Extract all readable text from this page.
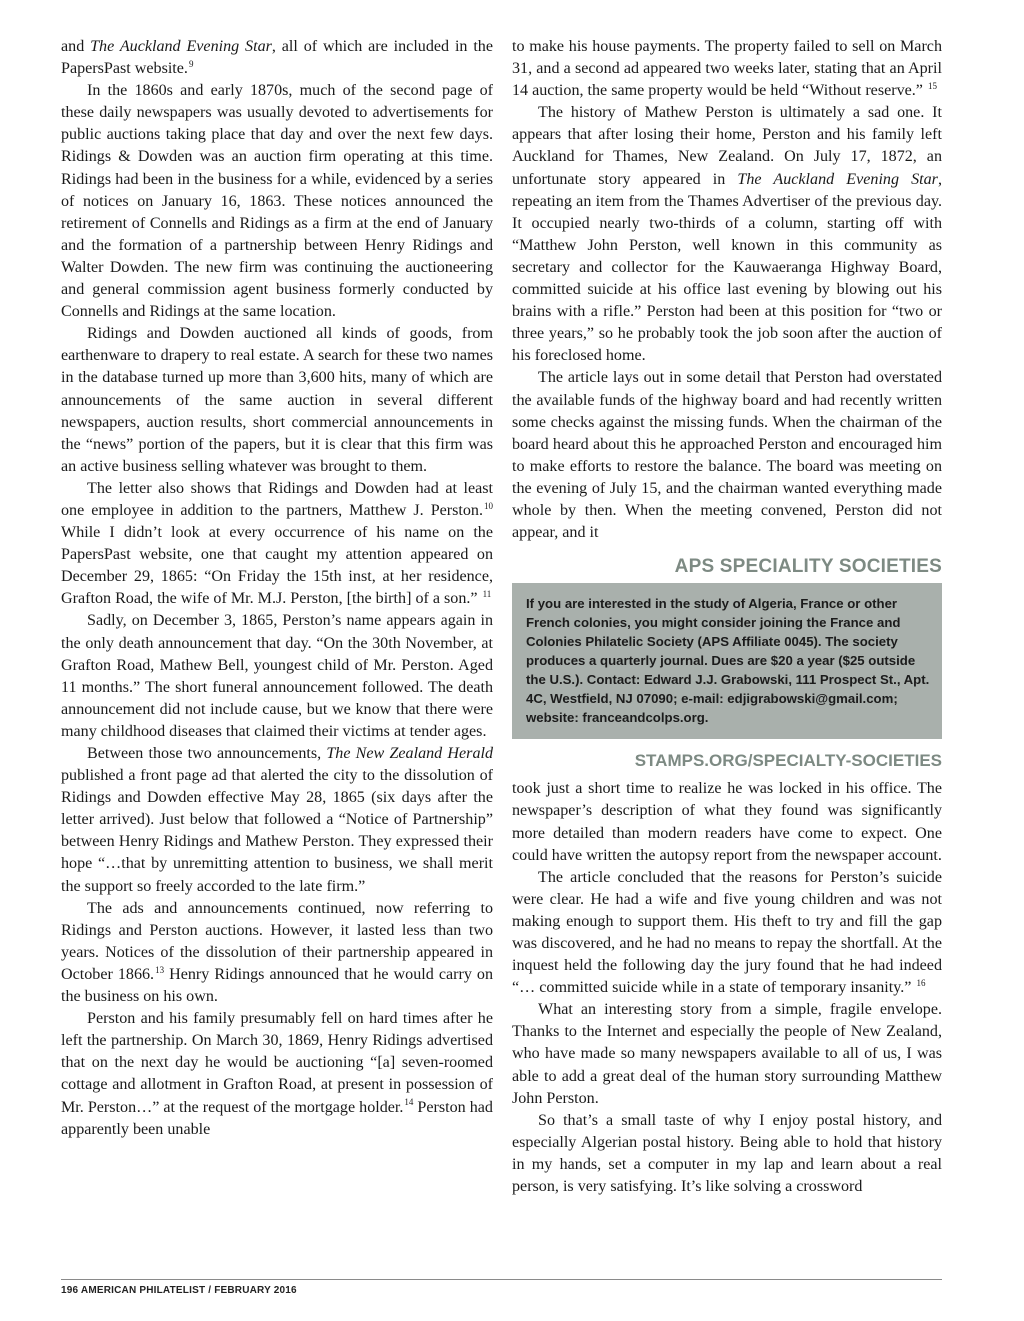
and The Auckland Evening Star, all of which are included in the PapersPast website.$^9$

In the 1860s and early 1870s, much of the second page of these daily newspapers was usually devoted to advertisements for public auctions taking place that day and over the next few days. Ridings & Dowden was an auction firm operating at this time. Ridings had been in the business for a while, evidenced by a series of notices on January 16, 1863. These notices announced the retirement of Connells and Ridings as a firm at the end of January and the formation of a partnership between Henry Ridings and Walter Dowden. The new firm was continuing the auctioneering and general commission agent business formerly conducted by Connells and Ridings at the same location.

Ridings and Dowden auctioned all kinds of goods, from earthenware to drapery to real estate. A search for these two names in the database turned up more than 3,600 hits, many of which are announcements of the same auction in several different newspapers, auction results, short commercial announcements in the “news” portion of the papers, but it is clear that this firm was an active business selling whatever was brought to them.

The letter also shows that Ridings and Dowden had at least one employee in addition to the partners, Matthew J. Perston.$^{10}$ While I didn’t look at every occurrence of his name on the PapersPast website, one that caught my attention appeared on December 29, 1865: “On Friday the 15th inst, at her residence, Grafton Road, the wife of Mr. M.J. Perston, [the birth] of a son.” $^{11}$

Sadly, on December 3, 1865, Perston’s name appears again in the only death announcement that day. “On the 30th November, at Grafton Road, Mathew Bell, youngest child of Mr. Perston. Aged 11 months.” The short funeral announcement followed. The death announcement did not include cause, but we know that there were many childhood diseases that claimed their victims at tender ages.

Between those two announcements, The New Zealand Herald published a front page ad that alerted the city to the dissolution of Ridings and Dowden effective May 28, 1865 (six days after the letter arrived). Just below that followed a “Notice of Partnership” between Henry Ridings and Mathew Perston. They expressed their hope “…that by unremitting attention to business, we shall merit the support so freely accorded to the late firm.”

The ads and announcements continued, now referring to Ridings and Perston auctions. However, it lasted less than two years. Notices of the dissolution of their partnership appeared in October 1866.13 Henry Ridings announced that he would carry on the business on his own.

Perston and his family presumably fell on hard times after he left the partnership. On March 30, 1869, Henry Ridings advertised that on the next day he would be auctioning “[a] seven-roomed cottage and allotment in Grafton Road, at present in possession of Mr. Perston…” at the request of the mortgage holder.$^{14}$ Perston had apparently been unable

to make his house payments. The property failed to sell on March 31, and a second ad appeared two weeks later, stating that an April 14 auction, the same property would be held “Without reserve.” $^{15}$

The history of Mathew Perston is ultimately a sad one. It appears that after losing their home, Perston and his family left Auckland for Thames, New Zealand. On July 17, 1872, an unfortunate story appeared in The Auckland Evening Star, repeating an item from the Thames Advertiser of the previous day. It occupied nearly two-thirds of a column, starting off with “Matthew John Perston, well known in this community as secretary and collector for the Kauwaeranga Highway Board, committed suicide at his office last evening by blowing out his brains with a rifle.” Perston had been at this position for “two or three years,” so he probably took the job soon after the auction of his foreclosed home.

The article lays out in some detail that Perston had overstated the available funds of the highway board and had recently written some checks against the missing funds. When the chairman of the board heard about this he approached Perston and encouraged him to make efforts to restore the balance. The board was meeting on the evening of July 15, and the chairman wanted everything made whole by then. When the meeting convened, Perston did not appear, and it

APS SPECIALITY SOCIETIES
If you are interested in the study of Algeria, France or other French colonies, you might consider joining the France and Colonies Philatelic Society (APS Affiliate 0045). The society produces a quarterly journal. Dues are $20 a year ($25 outside the U.S.). Contact: Edward J.J. Grabowski, 111 Prospect St., Apt. 4C, Westfield, NJ 07090; e-mail: edjigrabowski@gmail.com; website: franceandcolps.org.
STAMPS.ORG/SPECIALTY-SOCIETIES

took just a short time to realize he was locked in his office. The newspaper’s description of what they found was significantly more detailed than modern readers have come to expect. One could have written the autopsy report from the newspaper account.

The article concluded that the reasons for Perston’s suicide were clear. He had a wife and five young children and was not making enough to support them. His theft to try and fill the gap was discovered, and he had no means to repay the shortfall. At the inquest held the following day the jury found that he had indeed “… committed suicide while in a state of temporary insanity.” $^{16}$

What an interesting story from a simple, fragile envelope. Thanks to the Internet and especially the people of New Zealand, who have made so many newspapers available to all of us, I was able to add a great deal of the human story surrounding Matthew John Perston.

So that’s a small taste of why I enjoy postal history, and especially Algerian postal history. Being able to hold that history in my hands, set a computer in my lap and learn about a real person, is very satisfying. It’s like solving a crossword

196 AMERICAN PHILATELIST / FEBRUARY 2016
